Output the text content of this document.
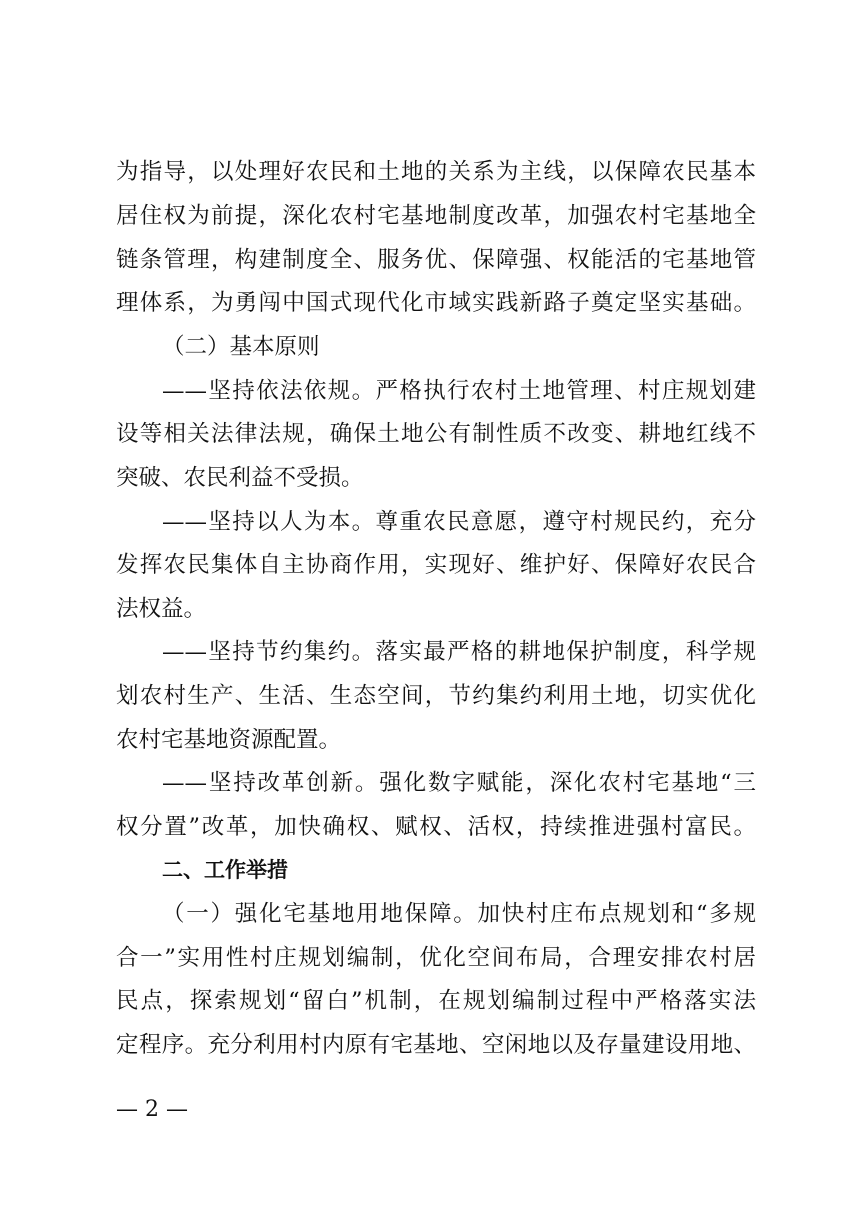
为指导，以处理好农民和土地的关系为主线，以保障农民基本
居住权为前提，深化农村宅基地制度改革，加强农村宅基地全
链条管理，构建制度全、服务优、保障强、权能活的宅基地管
理体系，为勇闯中国式现代化市域实践新路子奠定坚实基础。
（二）基本原则
——坚持依法依规。严格执行农村土地管理、村庄规划建
设等相关法律法规，确保土地公有制性质不改变、耕地红线不
突破、农民利益不受损。
——坚持以人为本。尊重农民意愿，遵守村规民约，充分
发挥农民集体自主协商作用，实现好、维护好、保障好农民合
法权益。
——坚持节约集约。落实最严格的耕地保护制度，科学规
划农村生产、生活、生态空间，节约集约利用土地，切实优化
农村宅基地资源配置。
——坚持改革创新。强化数字赋能，深化农村宅基地“三
权分置”改革，加快确权、赋权、活权，持续推进强村富民。
二、工作举措
（一）强化宅基地用地保障。加快村庄布点规划和“多规
合一”实用性村庄规划编制，优化空间布局，合理安排农村居
民点，探索规划“留白”机制，在规划编制过程中严格落实法
定程序。充分利用村内原有宅基地、空闲地以及存量建设用地、
— 2 —
